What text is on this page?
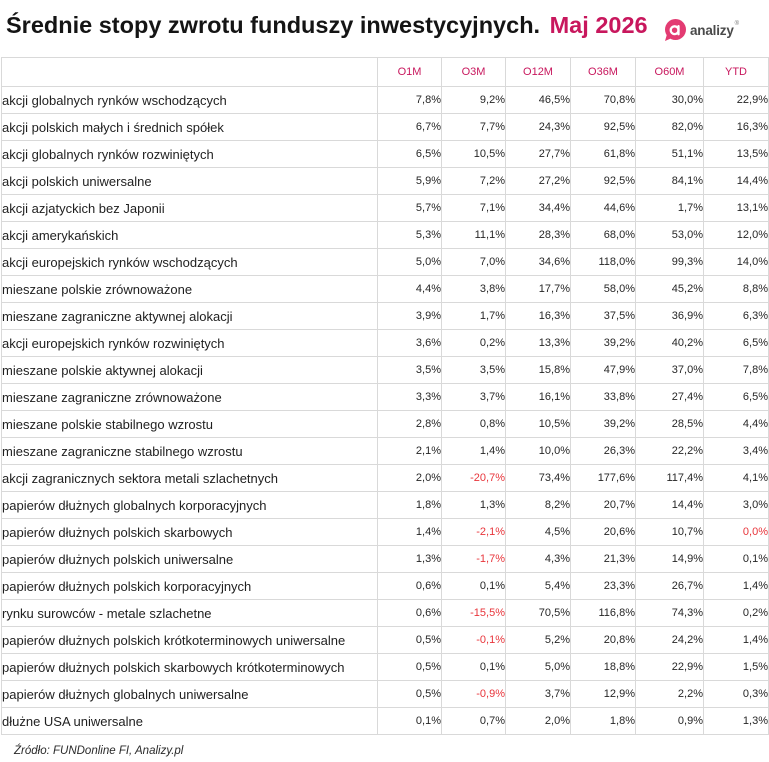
Średnie stopy zwrotu funduszy inwestycyjnych. Maj 2026	analizy ®
	O1M	O3M	O12M	O36M	O60M	YTD
akcji globalnych rynków wschodzących	7,8%	9,2%	46,5%	70,8%	30,0%	22,9%
akcji polskich małych i średnich spółek	6,7%	7,7%	24,3%	92,5%	82,0%	16,3%
akcji globalnych rynków rozwiniętych	6,5%	10,5%	27,7%	61,8%	51,1%	13,5%
akcji polskich uniwersalne	5,9%	7,2%	27,2%	92,5%	84,1%	14,4%
akcji azjatyckich bez Japonii	5,7%	7,1%	34,4%	44,6%	1,7%	13,1%
akcji amerykańskich	5,3%	11,1%	28,3%	68,0%	53,0%	12,0%
akcji europejskich rynków wschodzących	5,0%	7,0%	34,6%	118,0%	99,3%	14,0%
mieszane polskie zrównoważone	4,4%	3,8%	17,7%	58,0%	45,2%	8,8%
mieszane zagraniczne aktywnej alokacji	3,9%	1,7%	16,3%	37,5%	36,9%	6,3%
akcji europejskich rynków rozwiniętych	3,6%	0,2%	13,3%	39,2%	40,2%	6,5%
mieszane polskie aktywnej alokacji	3,5%	3,5%	15,8%	47,9%	37,0%	7,8%
mieszane zagraniczne zrównoważone	3,3%	3,7%	16,1%	33,8%	27,4%	6,5%
mieszane polskie stabilnego wzrostu	2,8%	0,8%	10,5%	39,2%	28,5%	4,4%
mieszane zagraniczne stabilnego wzrostu	2,1%	1,4%	10,0%	26,3%	22,2%	3,4%
akcji zagranicznych sektora metali szlachetnych	2,0%	-20,7%	73,4%	177,6%	117,4%	4,1%
papierów dłużnych globalnych korporacyjnych	1,8%	1,3%	8,2%	20,7%	14,4%	3,0%
papierów dłużnych polskich skarbowych	1,4%	-2,1%	4,5%	20,6%	10,7%	0,0%
papierów dłużnych polskich uniwersalne	1,3%	-1,7%	4,3%	21,3%	14,9%	0,1%
papierów dłużnych polskich korporacyjnych	0,6%	0,1%	5,4%	23,3%	26,7%	1,4%
rynku surowców - metale szlachetne	0,6%	-15,5%	70,5%	116,8%	74,3%	0,2%
papierów dłużnych polskich krótkoterminowych uniwersalne	0,5%	-0,1%	5,2%	20,8%	24,2%	1,4%
papierów dłużnych polskich skarbowych krótkoterminowych	0,5%	0,1%	5,0%	18,8%	22,9%	1,5%
papierów dłużnych globalnych uniwersalne	0,5%	-0,9%	3,7%	12,9%	2,2%	0,3%
dłużne USA uniwersalne	0,1%	0,7%	2,0%	1,8%	0,9%	1,3%
Źródło: FUNDonline FI, Analizy.pl
